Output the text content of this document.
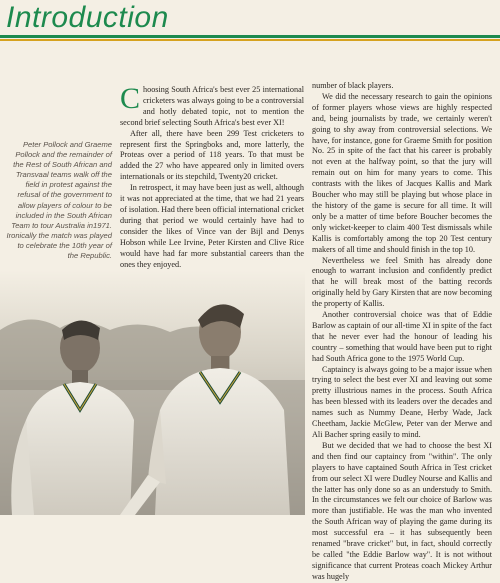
Introduction
Peter Pollock and Graeme Pollock and the remainder of the Rest of South African and Transvaal teams walk off the field in protest against the refusal of the government to allow players of colour to be included in the South African Team to tour Australia in1971. Ironically the match was played to celebrate the 10th year of the Republic.

Choosing South Africa's best ever 25 international cricketers was always going to be a controversial and hotly debated topic, not to mention the second brief selecting South Africa's best ever XI!

After all, there have been 299 Test cricketers to represent first the Springboks and, more latterly, the Proteas over a period of 118 years. To that must be added the 27 who have appeared only in limited overs internationals or its stepchild, Twenty20 cricket.

In retrospect, it may have been just as well, although it was not appreciated at the time, that we had 21 years of isolation. Had there been official international cricket during that period we would certainly have had to consider the likes of Vince van der Bijl and Denys Hobson while Lee Irvine, Peter Kirsten and Clive Rice would have had far more substantial careers than the ones they enjoyed.

number of black players.

We did the necessary research to gain the opinions of former players whose views are highly respected and, being journalists by trade, we certainly weren't going to shy away from controversial selections. We have, for instance, gone for Graeme Smith for position No. 25 in spite of the fact that his career is probably not even at the halfway point, so that the jury will remain out on him for many years to come. This contrasts with the likes of Jacques Kallis and Mark Boucher who may still be playing but whose place in the history of the game is secure for all time. It will only be a matter of time before Boucher becomes the only wicket-keeper to claim 400 Test dismissals while Kallis is comfortably among the top 20 Test century makers of all time and should finish in the top 10.

Nevertheless we feel Smith has already done enough to warrant inclusion and confidently predict that he will break most of the batting records originally held by Gary Kirsten that are now becoming the property of Kallis.

Another controversial choice was that of Eddie Barlow as captain of our all-time XI in spite of the fact that he never ever had the honour of leading his country – something that would have been put to right had South Africa gone to the 1975 World Cup.

Captaincy is always going to be a major issue when trying to select the best ever XI and leaving out some pretty illustrious names in the process. South Africa has been blessed with its leaders over the decades and names such as Nummy Deane, Herby Wade, Jack Cheetham, Jackie McGlew, Peter van der Merwe and Ali Bacher spring easily to mind.

But we decided that we had to choose the best XI and then find our captaincy from "within". The only players to have captained South Africa in Test cricket from our select XI were Dudley Nourse and Kallis and the latter has only done so as an understudy to Smith. In the circumstances we felt our choice of Barlow was more than justifiable. He was the man who invented the South African way of playing the game during its most successful era – it has subsequently been renamed "brave cricket" but, in fact, should correctly be called "the Eddie Barlow way". It is not without significance that current Proteas coach Mickey Arthur was hugely
